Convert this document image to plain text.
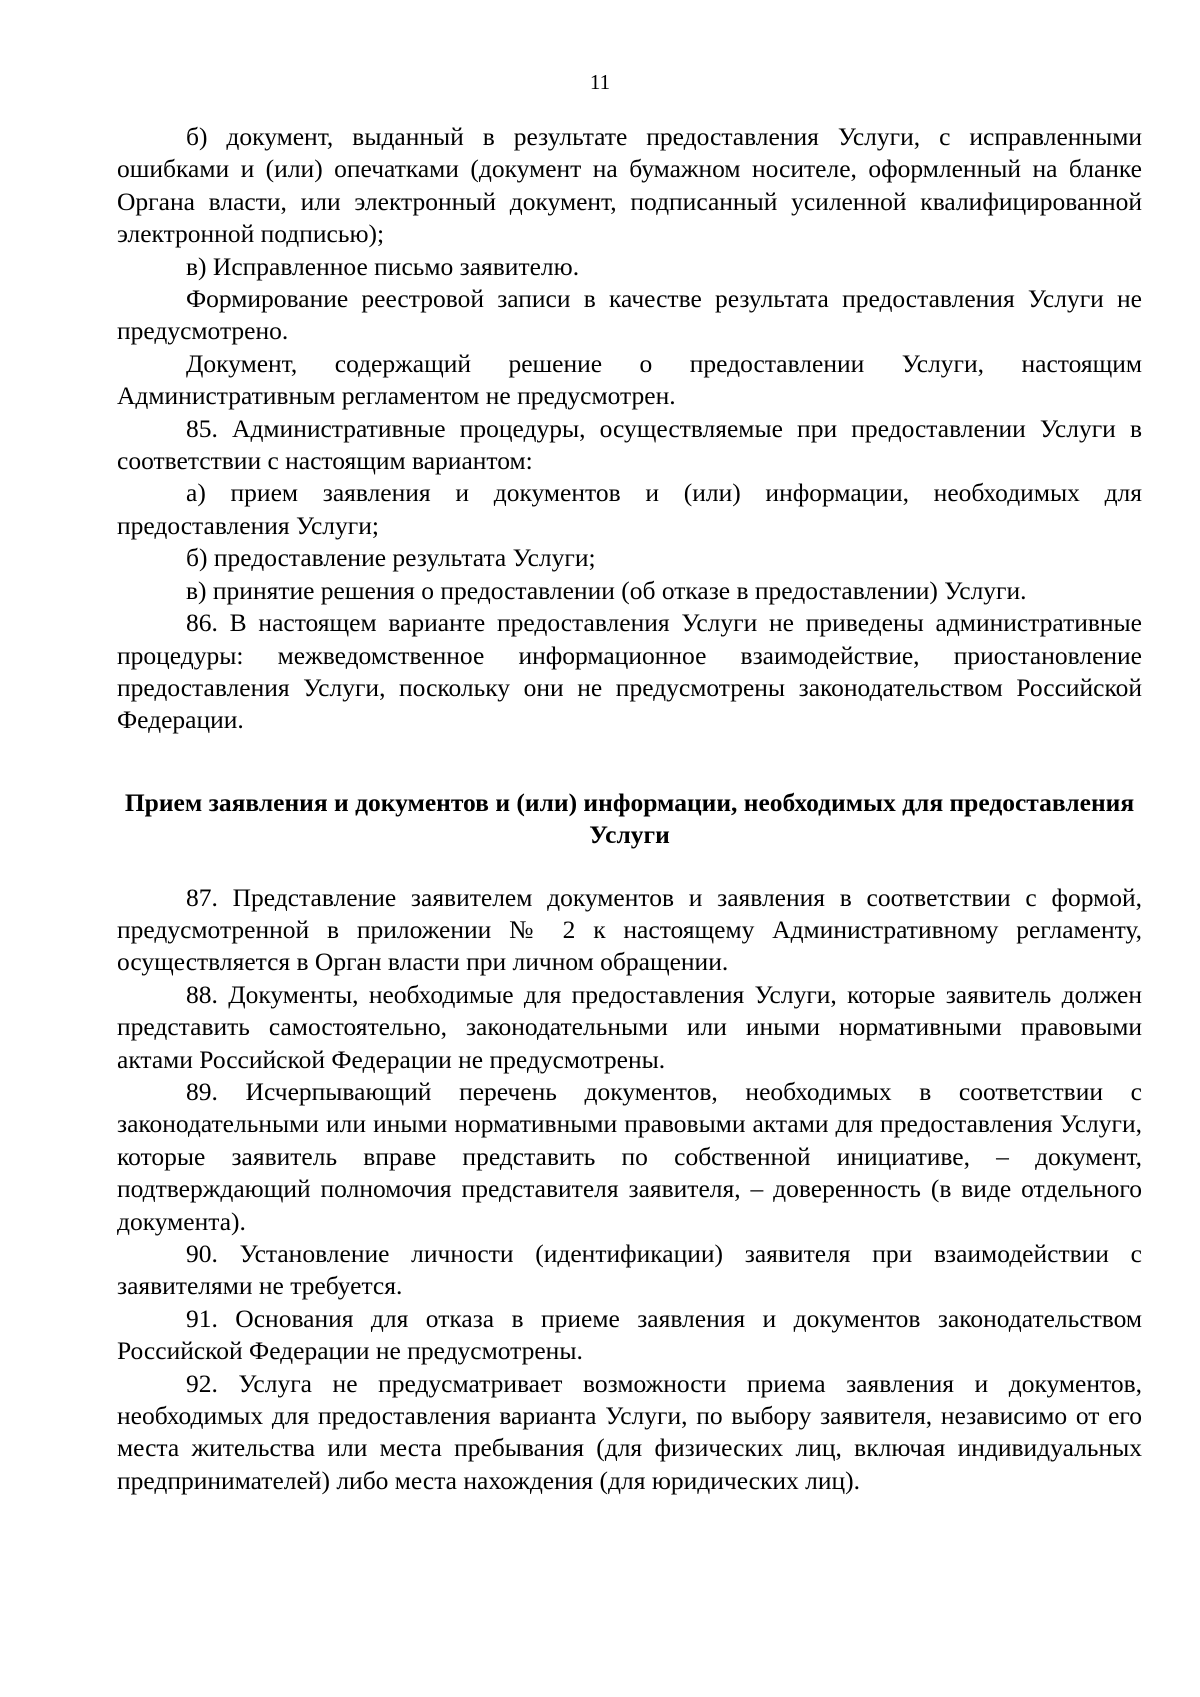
11

б) документ, выданный в результате предоставления Услуги, с исправленными ошибками и (или) опечатками (документ на бумажном носителе, оформленный на бланке Органа власти, или электронный документ, подписанный усиленной квалифицированной электронной подписью);

в) Исправленное письмо заявителю.

Формирование реестровой записи в качестве результата предоставления Услуги не предусмотрено.

Документ, содержащий решение о предоставлении Услуги, настоящим Административным регламентом не предусмотрен.

85. Административные процедуры, осуществляемые при предоставлении Услуги в соответствии с настоящим вариантом:

а) прием заявления и документов и (или) информации, необходимых для предоставления Услуги;

б) предоставление результата Услуги;

в) принятие решения о предоставлении (об отказе в предоставлении) Услуги.

86. В настоящем варианте предоставления Услуги не приведены административные процедуры: межведомственное информационное взаимодействие, приостановление предоставления Услуги, поскольку они не предусмотрены законодательством Российской Федерации.

Прием заявления и документов и (или) информации, необходимых для предоставления Услуги

87. Представление заявителем документов и заявления в соответствии с формой, предусмотренной в приложении № 2 к настоящему Административному регламенту, осуществляется в Орган власти при личном обращении.

88. Документы, необходимые для предоставления Услуги, которые заявитель должен представить самостоятельно, законодательными или иными нормативными правовыми актами Российской Федерации не предусмотрены.

89. Исчерпывающий перечень документов, необходимых в соответствии с законодательными или иными нормативными правовыми актами для предоставления Услуги, которые заявитель вправе представить по собственной инициативе, – документ, подтверждающий полномочия представителя заявителя, – доверенность (в виде отдельного документа).

90. Установление личности (идентификации) заявителя при взаимодействии с заявителями не требуется.

91. Основания для отказа в приеме заявления и документов законодательством Российской Федерации не предусмотрены.

92. Услуга не предусматривает возможности приема заявления и документов, необходимых для предоставления варианта Услуги, по выбору заявителя, независимо от его места жительства или места пребывания (для физических лиц, включая индивидуальных предпринимателей) либо места нахождения (для юридических лиц).
